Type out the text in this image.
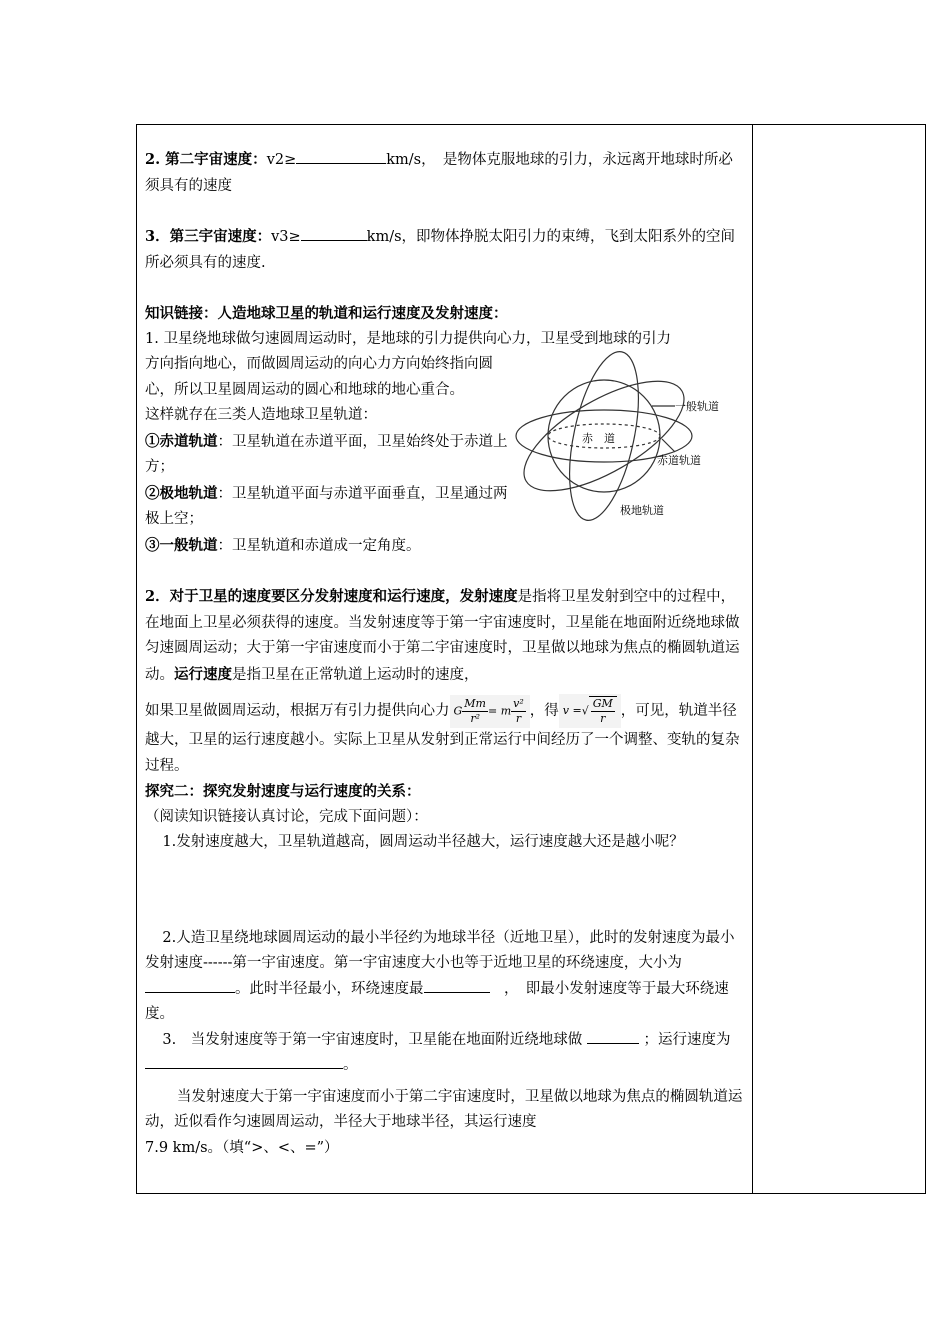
2. 第二宇宙速度：v2≥	km/s，　是物体克服地球的引力，永远离开地球时所必须具有的速度

3．第三宇宙速度：v3≥	km/s，即物体挣脱太阳引力的束缚，飞到太阳系外的空间所必须具有的速度.

知识链接：人造地球卫星的轨道和运行速度及发射速度：

1. 卫星绕地球做匀速圆周运动时，是地球的引力提供向心力，卫星受到地球的引力

方向指向地心，而做圆周运动的向心力方向始终指向圆心，所以卫星圆周运动的圆心和地球的地心重合。

这样就存在三类人造地球卫星轨道：

①赤道轨道：卫星轨道在赤道平面，卫星始终处于赤道上方；

②极地轨道：卫星轨道平面与赤道平面垂直，卫星通过两极上空；

一般轨道
赤　道
赤道轨道
极地轨道

③一般轨道：卫星轨道和赤道成一定角度。

2．对于卫星的速度要区分发射速度和运行速度，发射速度是指将卫星发射到空中的过程中，在地面上卫星必须获得的速度。当发射速度等于第一宇宙速度时，卫星能在地面附近绕地球做匀速圆周运动；大于第一宇宙速度而小于第二宇宙速度时，卫星做以地球为焦点的椭圆轨道运动。运行速度是指卫星在正常轨道上运动时的速度，

如果卫星做圆周运动，根据万有引力提供向心力 G $\frac{Mm}{\text{r²}} = m \frac{\text{v²}}{r}$ ，得 v =√ $\frac{GM}{r}$ ，可见，轨道半径越大，卫星的运行速度越小。实际上卫星从发射到正常运行中间经历了一个调整、变轨的复杂过程。

探究二：探究发射速度与运行速度的关系：

（阅读知识链接认真讨论，完成下面问题）：

1.发射速度越大，卫星轨道越高，圆周运动半径越大，运行速度越大还是越小呢？

2.人造卫星绕地球圆周运动的最小半径约为地球半径（近地卫星），此时的发射速度为最小发射速度------第一宇宙速度。第一宇宙速度大小也等于近地卫星的环绕速度，大小为。此时半径最小，环绕速度最	　，　即最小发射速度等于最大环绕速度。

3.　当发射速度等于第一宇宙速度时，卫星能在地面附近绕地球做	；运行速度为。

当发射速度大于第一宇宙速度而小于第二宇宙速度时，卫星做以地球为焦点的椭圆轨道运动，近似看作匀速圆周运动，半径大于地球半径，其运行速度

7.9 km/s。（填“>、<、=”）
